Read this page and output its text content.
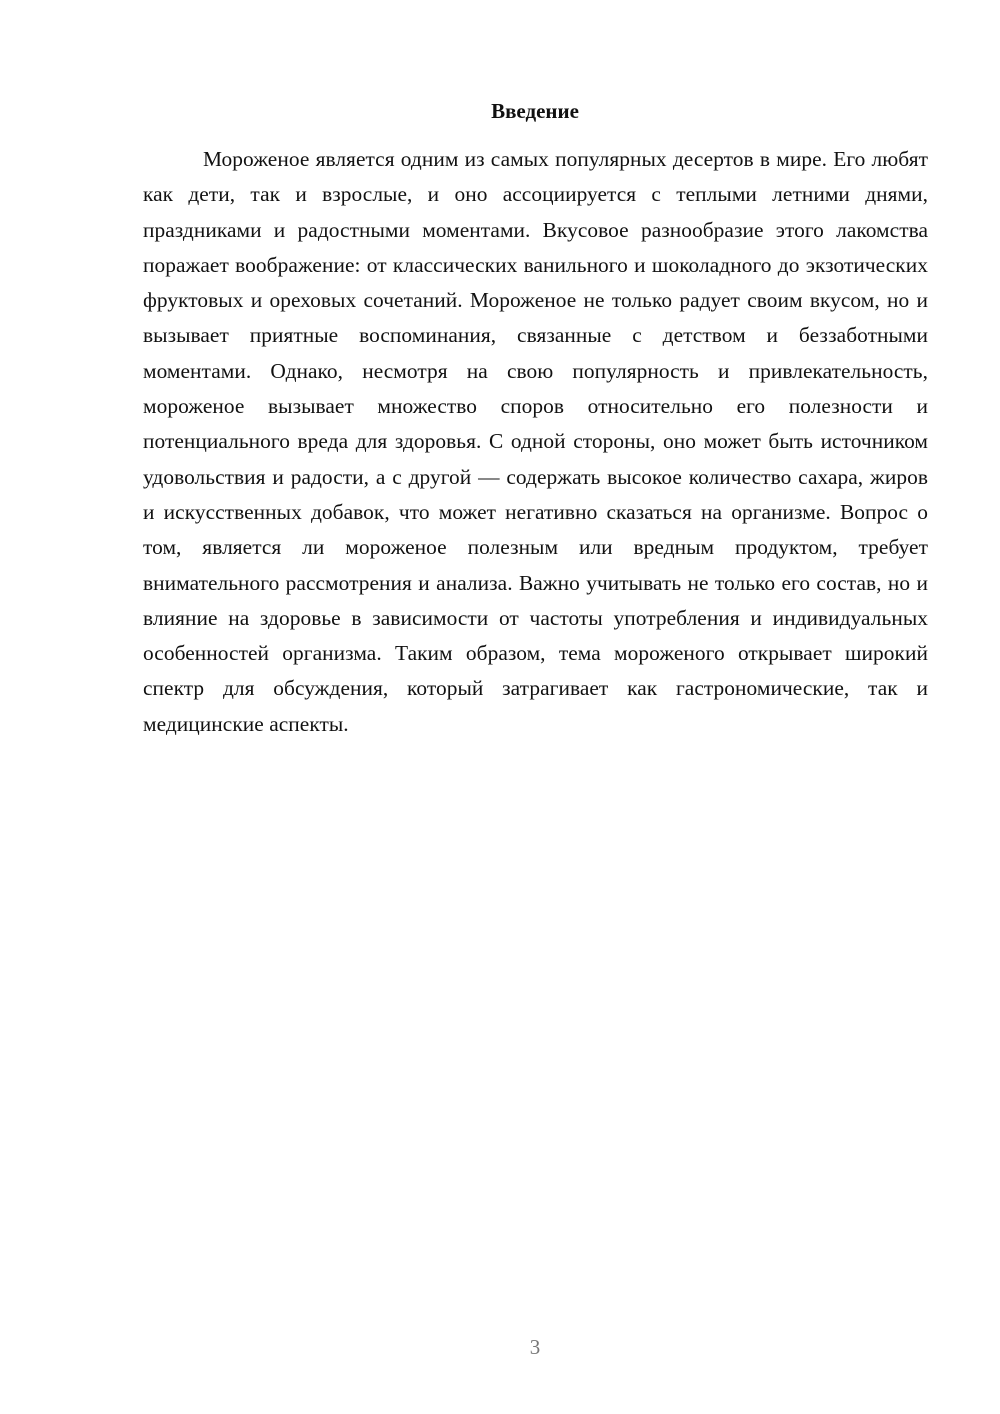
Введение

Мороженое является одним из самых популярных десертов в мире. Его любят как дети, так и взрослые, и оно ассоциируется с теплыми летними днями, праздниками и радостными моментами. Вкусовое разнообразие этого лакомства поражает воображение: от классических ванильного и шоколадного до экзотических фруктовых и ореховых сочетаний. Мороженое не только радует своим вкусом, но и вызывает приятные воспоминания, связанные с детством и беззаботными моментами. Однако, несмотря на свою популярность и привлекательность, мороженое вызывает множество споров относительно его полезности и потенциального вреда для здоровья. С одной стороны, оно может быть источником удовольствия и радости, а с другой — содержать высокое количество сахара, жиров и искусственных добавок, что может негативно сказаться на организме. Вопрос о том, является ли мороженое полезным или вредным продуктом, требует внимательного рассмотрения и анализа. Важно учитывать не только его состав, но и влияние на здоровье в зависимости от частоты употребления и индивидуальных особенностей организма. Таким образом, тема мороженого открывает широкий спектр для обсуждения, который затрагивает как гастрономические, так и медицинские аспекты.

3
